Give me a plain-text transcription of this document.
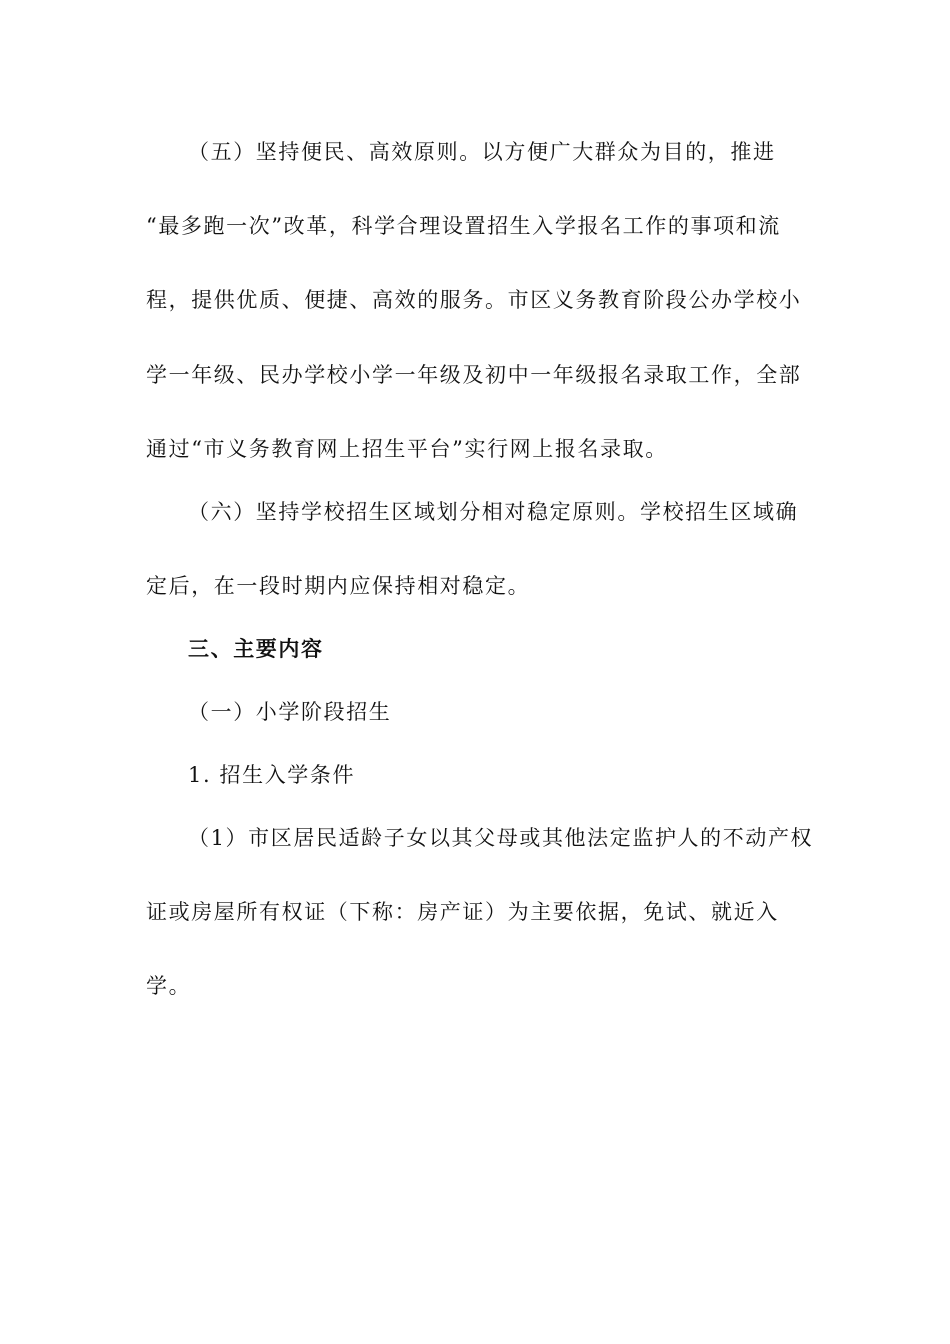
（五）坚持便民、高效原则。以方便广大群众为目的，推进
“最多跑一次”改革，科学合理设置招生入学报名工作的事项和流
程，提供优质、便捷、高效的服务。市区义务教育阶段公办学校小
学一年级、民办学校小学一年级及初中一年级报名录取工作，全部
通过“市义务教育网上招生平台”实行网上报名录取。
（六）坚持学校招生区域划分相对稳定原则。学校招生区域确
定后，在一段时期内应保持相对稳定。
三、主要内容
（一）小学阶段招生
1. 招生入学条件
（1）市区居民适龄子女以其父母或其他法定监护人的不动产权
证或房屋所有权证（下称：房产证）为主要依据，免试、就近入
学。
